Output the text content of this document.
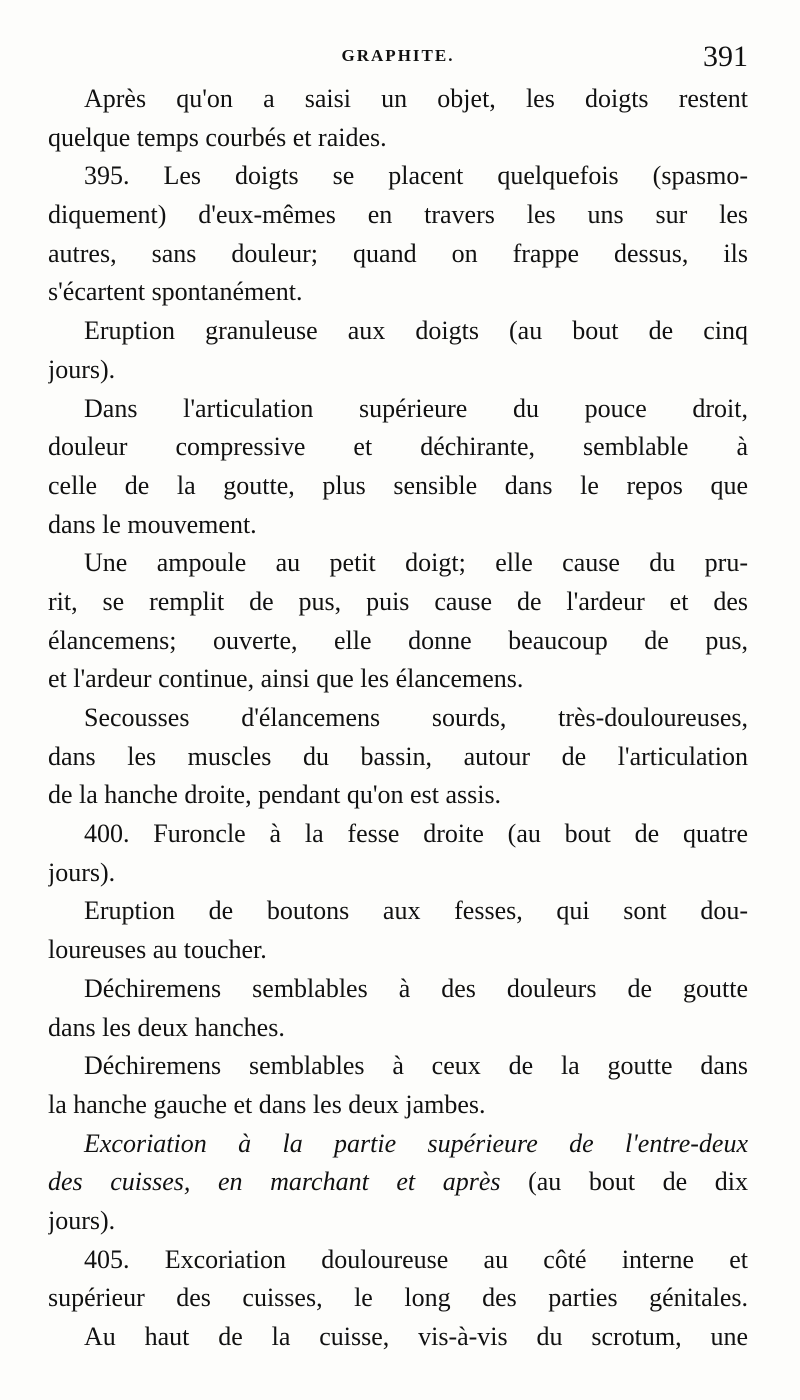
GRAPHITE.	391
Après qu'on a saisi un objet, les doigts restent
quelque temps courbés et raides.
395. Les doigts se placent quelquefois (spasmo-
diquement) d'eux-mêmes en travers les uns sur les
autres, sans douleur; quand on frappe dessus, ils
s'écartent spontanément.
Eruption granuleuse aux doigts (au bout de cinq
jours).
Dans l'articulation supérieure du pouce droit,
douleur compressive et déchirante, semblable à
celle de la goutte, plus sensible dans le repos que
dans le mouvement.
Une ampoule au petit doigt; elle cause du pru-
rit, se remplit de pus, puis cause de l'ardeur et des
élancemens; ouverte, elle donne beaucoup de pus,
et l'ardeur continue, ainsi que les élancemens.
Secousses d'élancemens sourds, très-douloureuses,
dans les muscles du bassin, autour de l'articulation
de la hanche droite, pendant qu'on est assis.
400. Furoncle à la fesse droite (au bout de quatre
jours).
Eruption de boutons aux fesses, qui sont dou-
loureuses au toucher.
Déchiremens semblables à des douleurs de goutte
dans les deux hanches.
Déchiremens semblables à ceux de la goutte dans
la hanche gauche et dans les deux jambes.
Excoriation à la partie supérieure de l'entre-deux
des cuisses, en marchant et après (au bout de dix
jours).
405. Excoriation douloureuse au côté interne et
supérieur des cuisses, le long des parties génitales.
Au haut de la cuisse, vis-à-vis du scrotum, une
